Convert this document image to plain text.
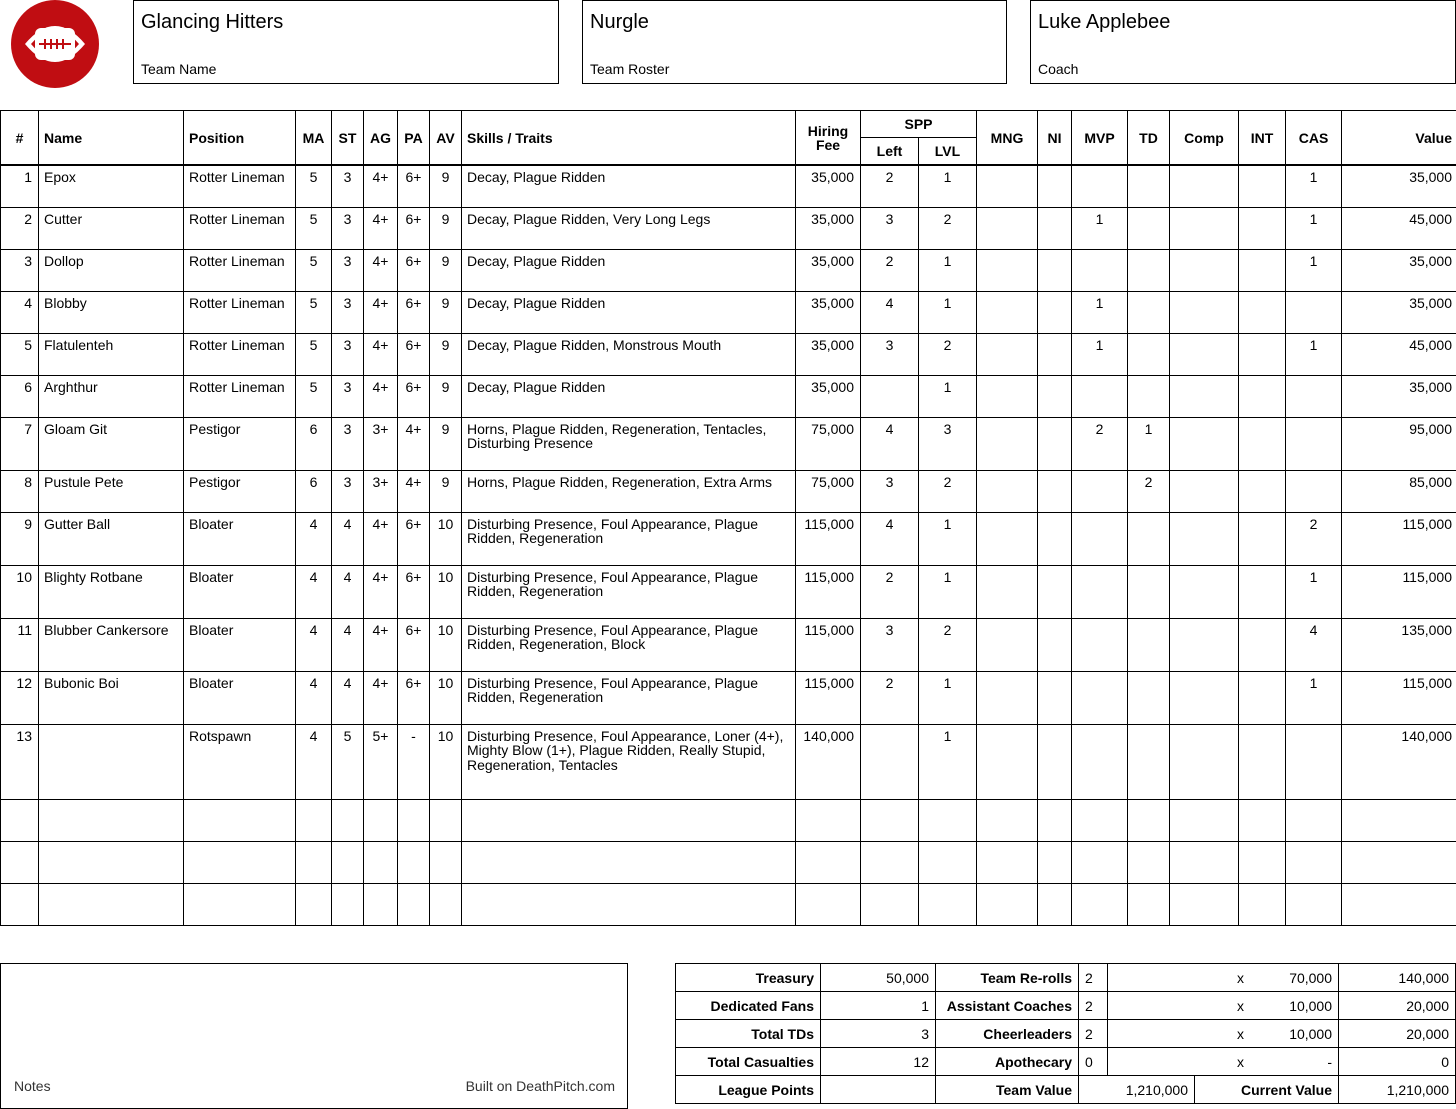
Glancing Hitters
Team Name
Nurgle
Team Roster
Luke Applebee
Coach
#	Name	Position	MA	ST	AG	PA	AV	Skills / Traits	Hiring Fee	SPP		MNG	NI	MVP	TD	Comp	INT	CAS	Value
										Left	LVL								
1	Epox	Rotter Lineman	5	3	4+	6+	9	Decay, Plague Ridden	35,000	2	1							1	35,000
2	Cutter	Rotter Lineman	5	3	4+	6+	9	Decay, Plague Ridden, Very Long Legs	35,000	3	2			1				1	45,000
3	Dollop	Rotter Lineman	5	3	4+	6+	9	Decay, Plague Ridden	35,000	2	1							1	35,000
4	Blobby	Rotter Lineman	5	3	4+	6+	9	Decay, Plague Ridden	35,000	4	1			1					35,000
5	Flatulenteh	Rotter Lineman	5	3	4+	6+	9	Decay, Plague Ridden, Monstrous Mouth	35,000	3	2			1				1	45,000
6	Arghthur	Rotter Lineman	5	3	4+	6+	9	Decay, Plague Ridden	35,000		1								35,000
7	Gloam Git	Pestigor	6	3	3+	4+	9	Horns, Plague Ridden, Regeneration, Tentacles, Disturbing Presence	75,000	4	3			2	1				95,000
8	Pustule Pete	Pestigor	6	3	3+	4+	9	Horns, Plague Ridden, Regeneration, Extra Arms	75,000	3	2				2				85,000
9	Gutter Ball	Bloater	4	4	4+	6+	10	Disturbing Presence, Foul Appearance, Plague Ridden, Regeneration	115,000	4	1							2	115,000
10	Blighty Rotbane	Bloater	4	4	4+	6+	10	Disturbing Presence, Foul Appearance, Plague Ridden, Regeneration	115,000	2	1							1	115,000
11	Blubber Cankersore	Bloater	4	4	4+	6+	10	Disturbing Presence, Foul Appearance, Plague Ridden, Regeneration, Block	115,000	3	2							4	135,000
12	Bubonic Boi	Bloater	4	4	4+	6+	10	Disturbing Presence, Foul Appearance, Plague Ridden, Regeneration	115,000	2	1							1	115,000
13		Rotspawn	4	5	5+	-	10	Disturbing Presence, Foul Appearance, Loner (4+), Mighty Blow (1+), Plague Ridden, Really Stupid, Regeneration, Tentacles	140,000		1								140,000

Notes	Built on DeathPitch.com
Treasury	50,000	Team Re-rolls	2	x 70,000		140,000
Dedicated Fans	1	Assistant Coaches	2	x 10,000		20,000
Total TDs	3	Cheerleaders	2	x 10,000		20,000
Total Casualties	12	Apothecary	0	x -		0
League Points		Team Value	1,210,000		Current Value	1,210,000
